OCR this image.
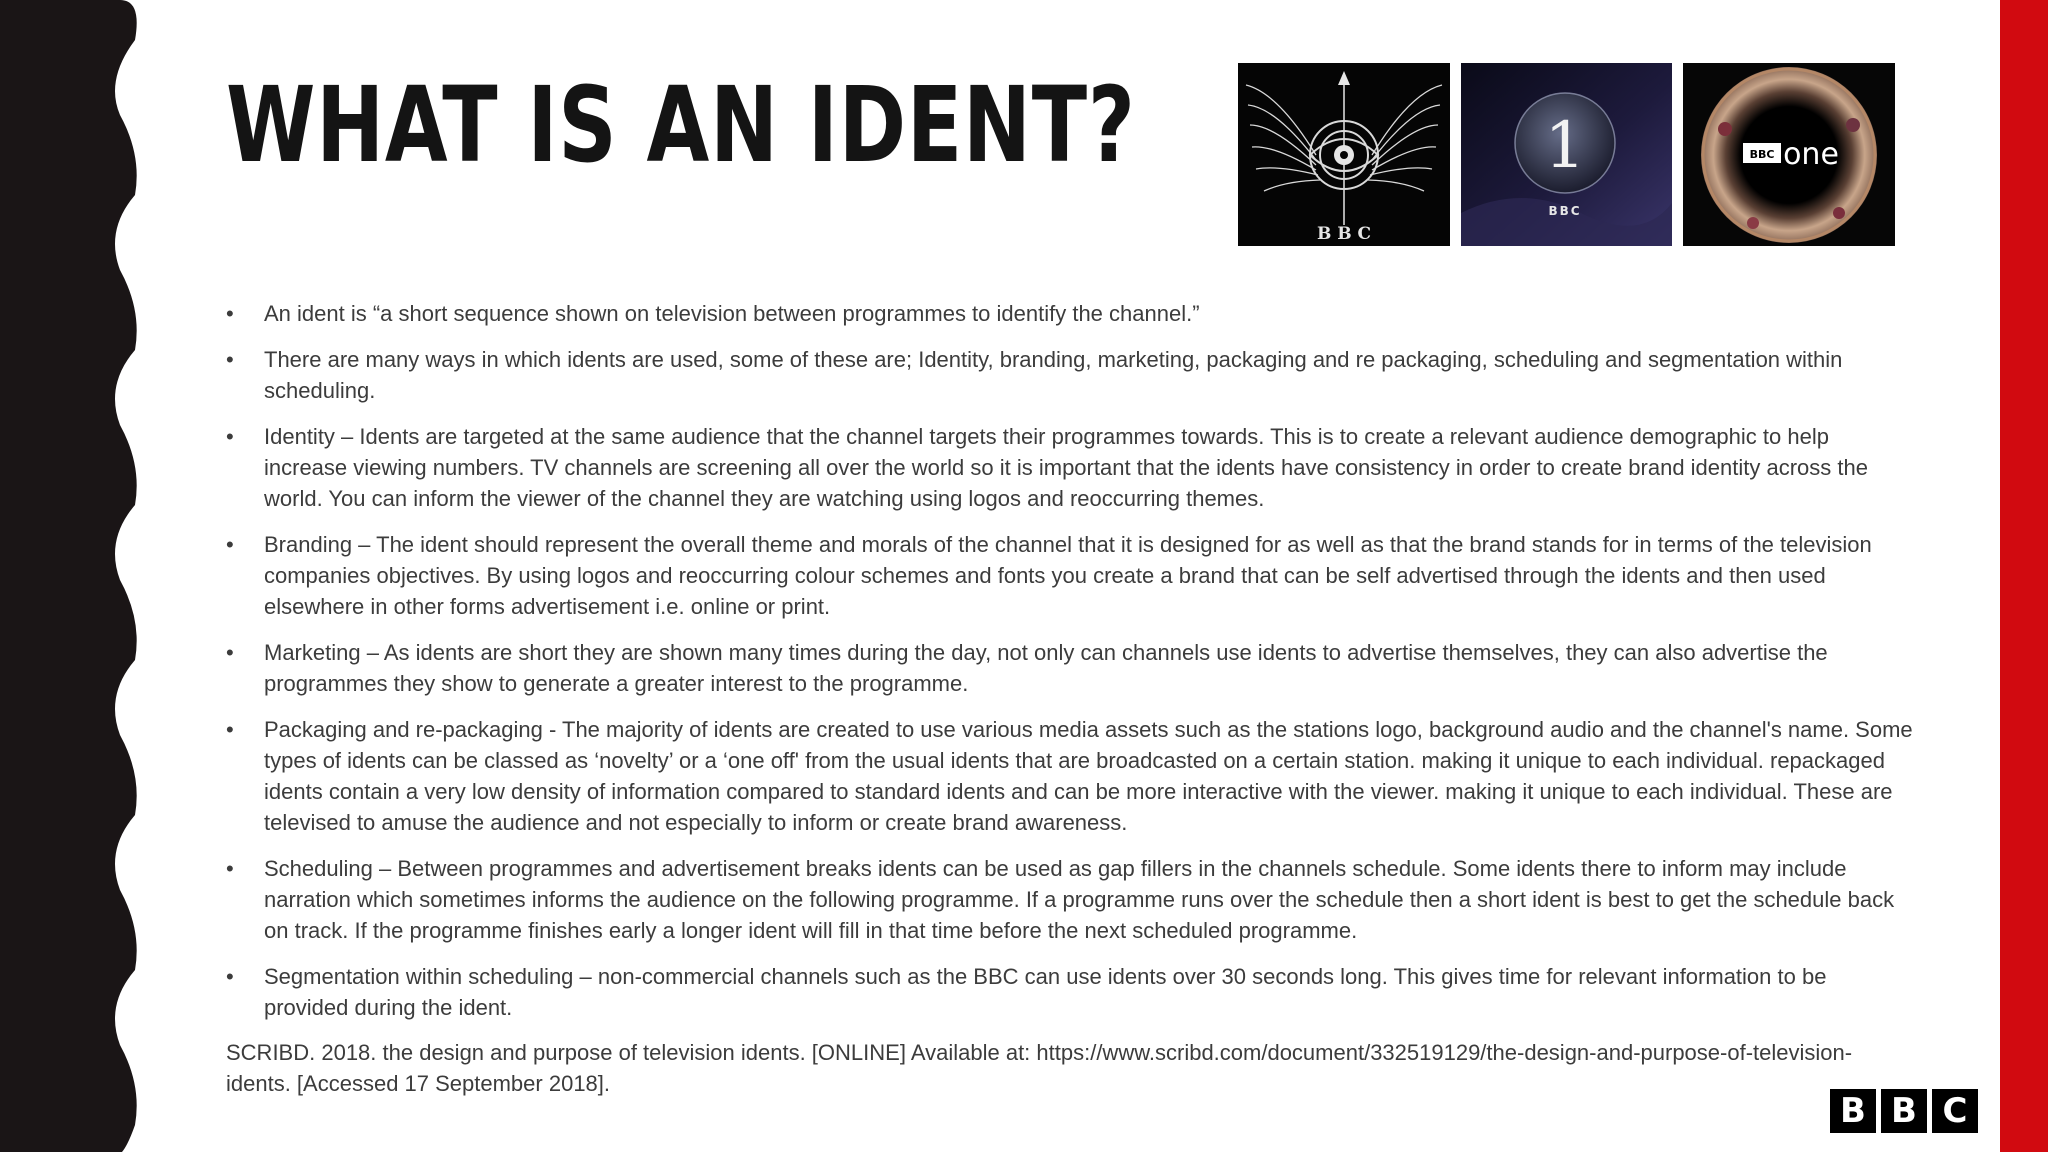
WHAT IS AN IDENT?
B B C
1
BBC
BBC one
• An ident is “a short sequence shown on television between programmes to identify the channel.”
• There are many ways in which idents are used, some of these are; Identity, branding, marketing, packaging and re packaging, scheduling and segmentation within scheduling.
• Identity – Idents are targeted at the same audience that the channel targets their programmes towards. This is to create a relevant audience demographic to help increase viewing numbers. TV channels are screening all over the world so it is important that the idents have consistency in order to create brand identity across the world. You can inform the viewer of the channel they are watching using logos and reoccurring themes.
• Branding – The ident should represent the overall theme and morals of the channel that it is designed for as well as that the brand stands for in terms of the television companies objectives. By using logos and reoccurring colour schemes and fonts you create a brand that can be self advertised through the idents and then used elsewhere in other forms advertisement i.e. online or print.
• Marketing – As idents are short they are shown many times during the day, not only can channels use idents to advertise themselves, they can also advertise the programmes they show to generate a greater interest to the programme.
• Packaging and re-packaging - The majority of idents are created to use various media assets such as the stations logo, background audio and the channel's name. Some types of idents can be classed as ‘novelty’ or a ‘one off' from the usual idents that are broadcasted on a certain station. making it unique to each individual. repackaged idents contain a very low density of information compared to standard idents and can be more interactive with the viewer. making it unique to each individual. These are televised to amuse the audience and not especially to inform or create brand awareness.
• Scheduling – Between programmes and advertisement breaks idents can be used as gap fillers in the channels schedule. Some idents there to inform may include narration which sometimes informs the audience on the following programme. If a programme runs over the schedule then a short ident is best to get the schedule back on track. If the programme finishes early a longer ident will fill in that time before the next scheduled programme.
• Segmentation within scheduling – non-commercial channels such as the BBC can use idents over 30 seconds long. This gives time for relevant information to be provided during the ident.

SCRIBD. 2018. the design and purpose of television idents. [ONLINE] Available at: https://www.scribd.com/document/332519129/the-design-and-purpose-of-television-idents. [Accessed 17 September 2018].

B B C
